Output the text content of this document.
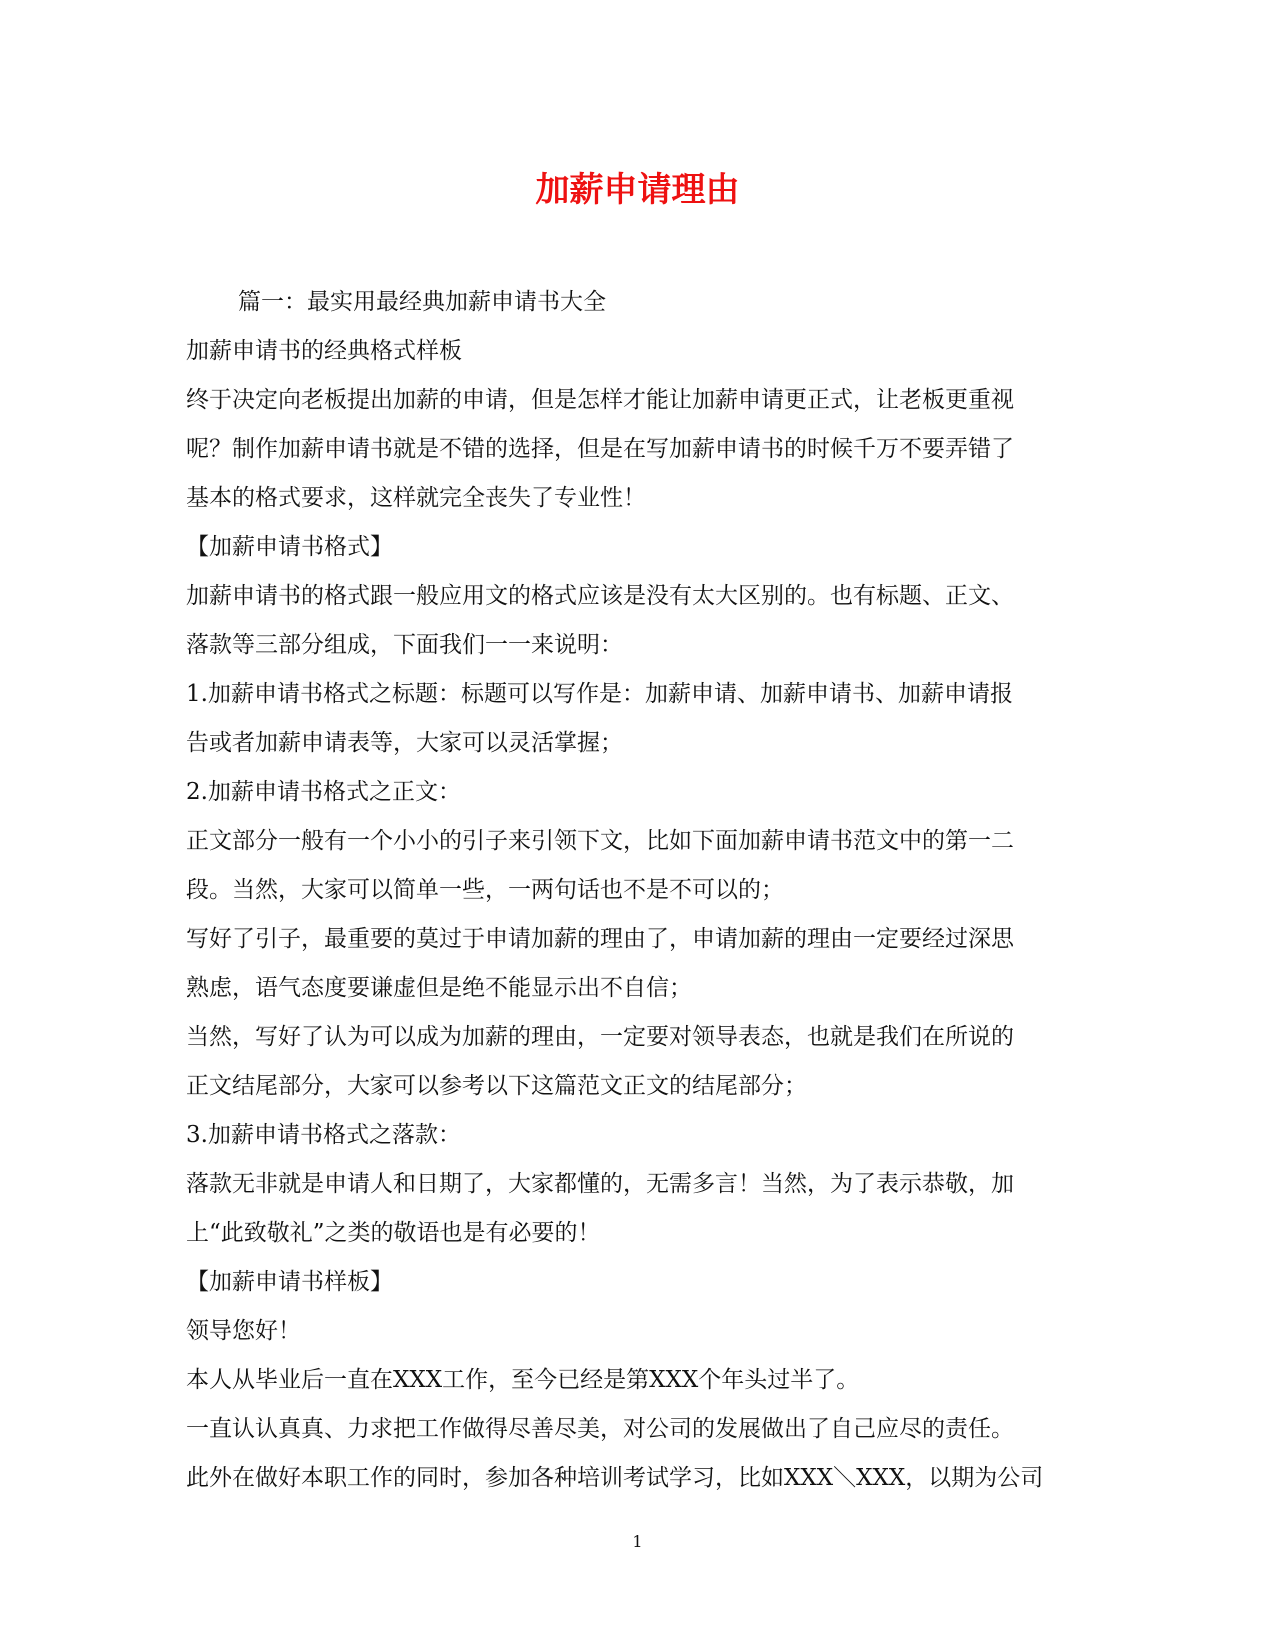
加薪申请理由

篇一：最实用最经典加薪申请书大全

加薪申请书的经典格式样板

终于决定向老板提出加薪的申请，但是怎样才能让加薪申请更正式，让老板更重视

呢？制作加薪申请书就是不错的选择，但是在写加薪申请书的时候千万不要弄错了

基本的格式要求，这样就完全丧失了专业性！

【加薪申请书格式】

加薪申请书的格式跟一般应用文的格式应该是没有太大区别的。也有标题、正文、

落款等三部分组成，下面我们一一来说明：

1.加薪申请书格式之标题：标题可以写作是：加薪申请、加薪申请书、加薪申请报

告或者加薪申请表等，大家可以灵活掌握；

2.加薪申请书格式之正文：

正文部分一般有一个小小的引子来引领下文，比如下面加薪申请书范文中的第一二

段。当然，大家可以简单一些，一两句话也不是不可以的；

写好了引子，最重要的莫过于申请加薪的理由了，申请加薪的理由一定要经过深思

熟虑，语气态度要谦虚但是绝不能显示出不自信；

当然，写好了认为可以成为加薪的理由，一定要对领导表态，也就是我们在所说的

正文结尾部分，大家可以参考以下这篇范文正文的结尾部分；

3.加薪申请书格式之落款：

落款无非就是申请人和日期了，大家都懂的，无需多言！当然，为了表示恭敬，加

上“此致敬礼”之类的敬语也是有必要的！

【加薪申请书样板】

领导您好！

本人从毕业后一直在XXX工作，至今已经是第XXX个年头过半了。

一直认认真真、力求把工作做得尽善尽美，对公司的发展做出了自己应尽的责任。

此外在做好本职工作的同时，参加各种培训考试学习，比如XXX＼XXX，以期为公司

1
